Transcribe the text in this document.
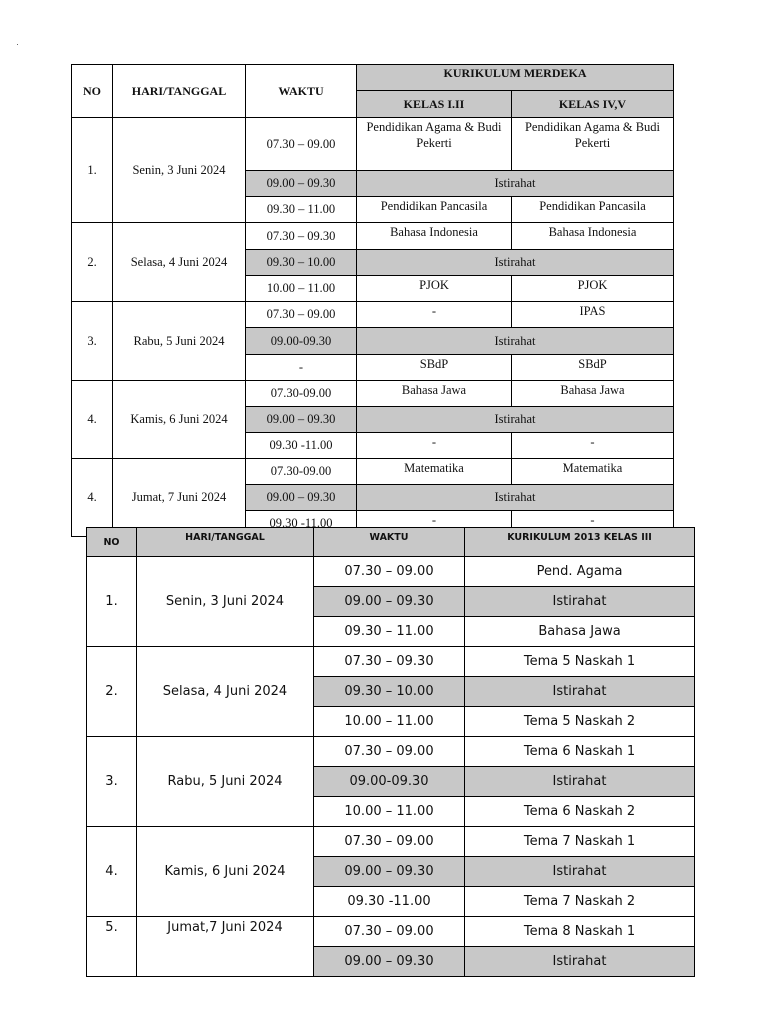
NO	HARI/TANGGAL	WAKTU	KURIKULUM MERDEKA	
			KELAS I.II	KELAS IV,V
1.	Senin, 3 Juni 2024	07.30 – 09.00	Pendidikan Agama & Budi Pekerti	Pendidikan Agama & Budi Pekerti
		09.00 – 09.30	Istirahat	
		09.30 – 11.00	Pendidikan Pancasila	Pendidikan Pancasila
2.	Selasa, 4 Juni 2024	07.30 – 09.30	Bahasa Indonesia	Bahasa Indonesia
		09.30 – 10.00	Istirahat	
		10.00 – 11.00	PJOK	PJOK
3.	Rabu, 5 Juni 2024	07.30 – 09.00	-	IPAS
		09.00-09.30	Istirahat	
		-	SBdP	SBdP
4.	Kamis, 6 Juni 2024	07.30-09.00	Bahasa Jawa	Bahasa Jawa
		09.00 – 09.30	Istirahat	
		09.30 -11.00	-	-
4.	Jumat, 7 Juni 2024	07.30-09.00	Matematika	Matematika
		09.00 – 09.30	Istirahat	
		09.30 -11.00	-	-
NO	HARI/TANGGAL	WAKTU	KURIKULUM 2013 KELAS III
1.	Senin, 3 Juni 2024	07.30 – 09.00	Pend. Agama
		09.00 – 09.30	Istirahat
		09.30 – 11.00	Bahasa Jawa
2.	Selasa, 4 Juni 2024	07.30 – 09.30	Tema 5 Naskah 1
		09.30 – 10.00	Istirahat
		10.00 – 11.00	Tema 5 Naskah 2
3.	Rabu, 5 Juni 2024	07.30 – 09.00	Tema 6 Naskah 1
		09.00-09.30	Istirahat
		10.00 – 11.00	Tema 6 Naskah 2
4.	Kamis, 6 Juni 2024	07.30 – 09.00	Tema 7 Naskah 1
		09.00 – 09.30	Istirahat
		09.30 -11.00	Tema 7 Naskah 2
5.	Jumat,7 Juni 2024	07.30 – 09.00	Tema 8 Naskah 1
		09.00 – 09.30	Istirahat
